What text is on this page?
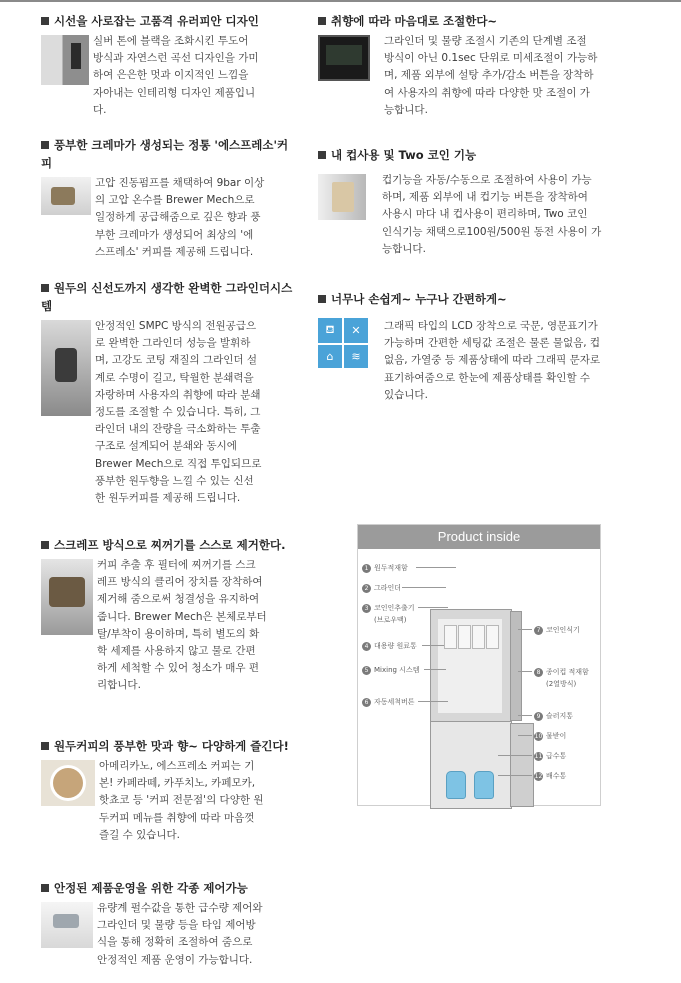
시선을 사로잡는 고품격 유러피안 디자인

실버 톤에 블랙을 조화시킨 투도어

방식과 자연스런 곡선 디자인을 가미

하여 은은한 멋과 이지적인 느낌을

자아내는 인테리형 디자인 제품입니

다.

풍부한 크레마가 생성되는 정통 '에스프레소'커피

고압 진동펌프를 채택하여 9bar 이상

의 고압 온수를 Brewer Mech으로

일정하게 공급해줌으로 깊은 향과 풍

부한 크레마가 생성되어 최상의 '에

스프레소' 커피를 제공해 드립니다.

원두의 신선도까지 생각한 완벽한 그라인더시스템

안정적인 SMPC 방식의 전원공급으

로 완벽한 그라인더 성능을 발휘하

며, 고강도 코팅 재질의 그라인더 설

계로 수명이 길고, 탁월한 분쇄력을

자랑하며 사용자의 취향에 따라 분쇄

정도를 조절할 수 있습니다. 특히, 그

라인더 내의 잔량을 극소화하는 투출

구조로 설계되어 분쇄와 동시에

Brewer Mech으로 직접 투입되므로

풍부한 원두향을 느낄 수 있는 신선

한 원두커피를 제공해 드립니다.

스크레프 방식으로 찌꺼기를 스스로 제거한다.

커피 추출 후 필터에 찌꺼기를 스크

레프 방식의 클리어 장치를 장착하여

제거해 줌으로써 청결성을 유지하여

줍니다. Brewer Mech은 본체로부터

탈/부착이 용이하며, 특히 별도의 화

학 세제를 사용하지 않고 물로 간편

하게 세척할 수 있어 청소가 매우 편

리합니다.

원두커피의 풍부한 맛과 향~ 다양하게 즐긴다!

아메리카노, 에스프레소 커피는 기

본! 카페라떼, 카푸치노, 카페모카,

핫쵸코 등 '커피 전문점'의 다양한 원

두커피 메뉴를 취향에 따라 마음껏

즐길 수 있습니다.

안정된 제품운영을 위한 각종 제어가능

유량계 펄수값을 통한 급수량 제어와

그라인더 및 물량 등을 타임 제어방

식을 통해 정확히 조절하여 줌으로

안정적인 제품 운영이 가능합니다.

취향에 따라 마음대로 조절한다~

그라인더 및 물량 조절시 기존의 단계별 조절

방식이 아닌 0.1sec 단위로 미세조절이 가능하

며, 제품 외부에 설탕 추가/감소 버튼을 장착하

여 사용자의 취향에 따라 다양한 맛 조절이 가

능합니다.

내 컵사용 및 Two 코인 기능

컵기능을 자동/수동으로 조절하여 사용이 가능

하며, 제품 외부에 내 컵기능 버튼을 장착하여

사용시 마다 내 컵사용이 편리하며, Two 코인

인식기능 채택으로100원/500원 동전 사용이 가

능합니다.

너무나 손쉽게~ 누구나 간편하게~

⛾	✕
⌂	≋

그래픽 타입의 LCD 장착으로 국문, 영문표기가

가능하며 간편한 세팅값 조절은 물론 물없음, 컵

없음, 가열중 등 제품상태에 따라 그래픽 문자로

표기하여줌으로 한눈에 제품상태를 확인할 수

있습니다.

Product inside
1 원두적재함
2 그라인더
3 코인인추출기
(브로우맥)
4 대용량 원료통
5 Mixing 시스템
6 자동세척버튼
7 코인인식기
8 종이컵 적재함
(2열방식)
9 슬러지통
10 물받이
11 급수통
12 배수통
